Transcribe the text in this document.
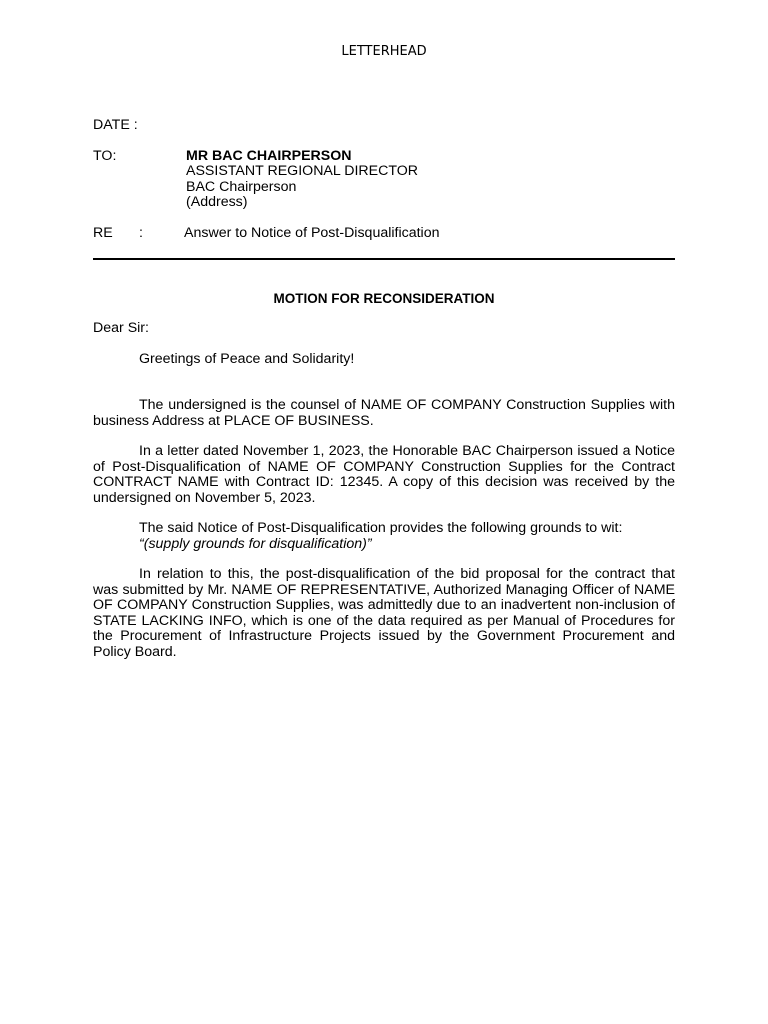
LETTERHEAD
DATE :
TO:	MR BAC CHAIRPERSON
ASSISTANT REGIONAL DIRECTOR
BAC Chairperson
(Address)
RE :	Answer to Notice of Post-Disqualification
MOTION FOR RECONSIDERATION
Dear Sir:
Greetings of Peace and Solidarity!
The undersigned is the counsel of NAME OF COMPANY Construction Supplies with business Address at PLACE OF BUSINESS.
In a letter dated November 1, 2023, the Honorable BAC Chairperson issued a Notice of Post-Disqualification of NAME OF COMPANY Construction Supplies for the Contract CONTRACT NAME with Contract ID: 12345. A copy of this decision was received by the undersigned on November 5, 2023.
The said Notice of Post-Disqualification provides the following grounds to wit:
“(supply grounds for disqualification)”
In relation to this, the post-disqualification of the bid proposal for the contract that was submitted by Mr. NAME OF REPRESENTATIVE, Authorized Managing Officer of NAME OF COMPANY Construction Supplies, was admittedly due to an inadvertent non-inclusion of STATE LACKING INFO, which is one of the data required as per Manual of Procedures for the Procurement of Infrastructure Projects issued by the Government Procurement and Policy Board.
